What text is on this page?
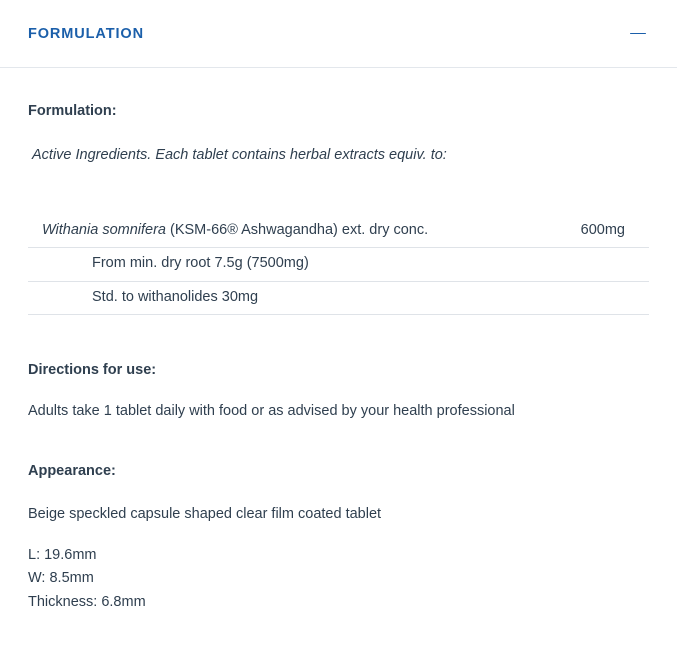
FORMULATION
Formulation:
Active Ingredients. Each tablet contains herbal extracts equiv. to:
Withania somnifera (KSM-66® Ashwagandha) ext. dry conc.	600mg
From min. dry root 7.5g (7500mg)	
Std. to withanolides 30mg	
Directions for use:
Adults take 1 tablet daily with food or as advised by your health professional
Appearance:
Beige speckled capsule shaped clear film coated tablet
L: 19.6mm
W: 8.5mm
Thickness: 6.8mm
